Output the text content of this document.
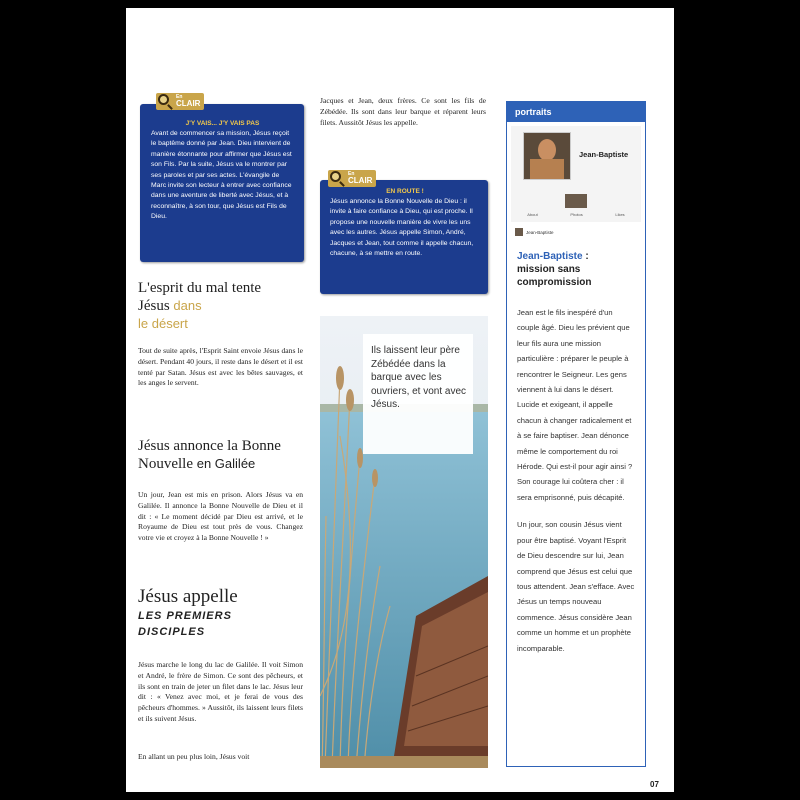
J'Y VAIS... J'Y VAIS PAS
Avant de commencer sa mission, Jésus reçoit le baptême donné par Jean. Dieu intervient de manière étonnante pour affirmer que Jésus est son Fils. Par la suite, Jésus va le montrer par ses paroles et par ses actes. L'évangile de Marc invite son lecteur à entrer avec confiance dans une aventure de liberté avec Jésus, et à reconnaître, à son tour, que Jésus est Fils de Dieu.
En
CLAIR
L'esprit du mal tente
Jésus dans
le désert
Tout de suite après, l'Esprit Saint envoie Jésus dans le désert. Pendant 40 jours, il reste dans le désert et il est tenté par Satan. Jésus est avec les bêtes sauvages, et les anges le servent.
Jésus annonce la Bonne
Nouvelle en Galilée
Un jour, Jean est mis en prison. Alors Jésus va en Galilée. Il annonce la Bonne Nouvelle de Dieu et il dit : « Le moment décidé par Dieu est arrivé, et le Royaume de Dieu est tout près de vous. Changez votre vie et croyez à la Bonne Nouvelle ! »
Jésus appelle
LES PREMIERS
DISCIPLES
Jésus marche le long du lac de Galilée. Il voit Simon et André, le frère de Simon. Ce sont des pêcheurs, et ils sont en train de jeter un filet dans le lac. Jésus leur dit : « Venez avec moi, et je ferai de vous des pêcheurs d'hommes. » Aussitôt, ils laissent leurs filets et ils suivent Jésus.
En allant un peu plus loin, Jésus voit
Jacques et Jean, deux frères. Ce sont les fils de Zébédée. Ils sont dans leur barque et réparent leurs filets. Aussitôt Jésus les appelle.
EN ROUTE !
Jésus annonce la Bonne Nouvelle de Dieu : il invite à faire confiance à Dieu, qui est proche. Il propose une nouvelle manière de vivre les uns avec les autres. Jésus appelle Simon, André, Jacques et Jean, tout comme il appelle chacun, chacune, à se mettre en route.
En
CLAIR
Ils laissent leur père Zébédée dans la barque avec les ouvriers, et vont avec Jésus.
portraits
Jean-Baptiste
About	Photos	Likes
Jean-Baptiste
Jean-Baptiste :
mission sans compromission
Jean est le fils inespéré d'un couple âgé. Dieu les prévient que leur fils aura une mission particulière : préparer le peuple à rencontrer le Seigneur. Les gens viennent à lui dans le désert. Lucide et exigeant, il appelle chacun à changer radicalement et à se faire baptiser. Jean dénonce même le comportement du roi Hérode. Qui est-il pour agir ainsi ? Son courage lui coûtera cher : il sera emprisonné, puis décapité.
Un jour, son cousin Jésus vient pour être baptisé. Voyant l'Esprit de Dieu descendre sur lui, Jean comprend que Jésus est celui que tous attendent. Jean s'efface. Avec Jésus un temps nouveau commence. Jésus considère Jean comme un homme et un prophète incomparable.
07
